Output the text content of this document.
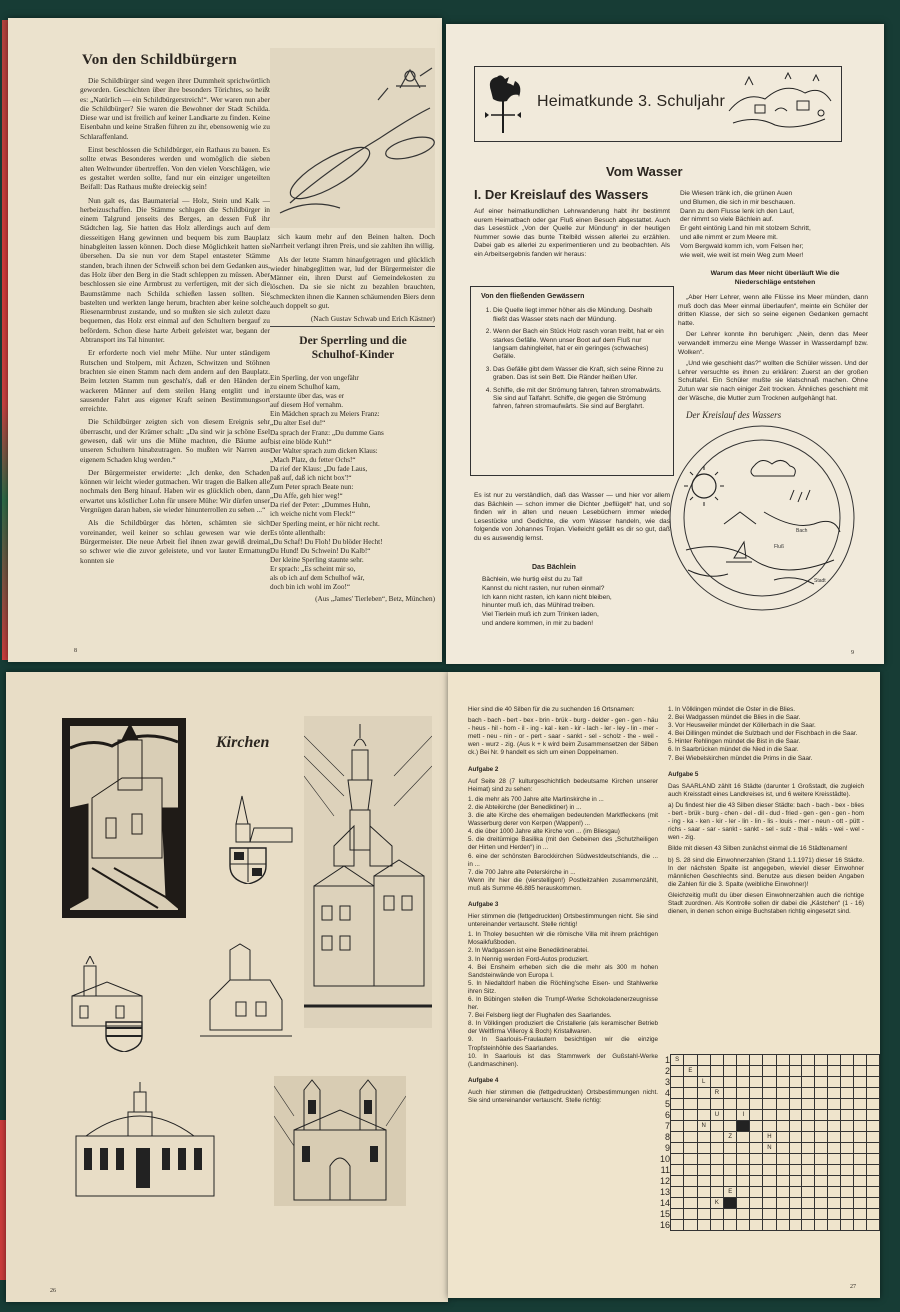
Von den Schildbürgern

Die Schildbürger sind wegen ihrer Dummheit sprichwörtlich geworden. Geschichten über ihre besonders Törichtes, so heißt es: „Natürlich — ein Schildbürgerstreich!“. Wer waren nun aber die Schildbürger? Sie waren die Bewohner der Stadt Schilda. Diese war und ist freilich auf keiner Landkarte zu finden. Keine Eisenbahn und keine Straßen führen zu ihr, ebensowenig wie zu Schlaraffenland.

Einst beschlossen die Schildbürger, ein Rathaus zu bauen. Es sollte etwas Besonderes werden und womöglich die sieben alten Weltwunder übertreffen. Von den vielen Vorschlägen, wie es gestaltet werden sollte, fand nur ein einziger ungeteilten Beifall: Das Rathaus mußte dreieckig sein!

Nun galt es, das Baumaterial — Holz, Stein und Kalk — herbeizuschaffen. Die Stämme schlugen die Schildbürger in einem Talgrund jenseits des Berges, an dessen Fuß ihr Städtchen lag. Sie hatten das Holz allerdings auch auf dem diesseitigen Hang gewinnen und bequem bis zum Bauplatz hinabgleiten lassen können. Doch diese Möglichkeit hatten sie übersehen. Da sie nun vor dem Stapel entasteter Stämme standen, brach ihnen der Schweiß schon bei dem Gedanken aus, das Holz über den Berg in die Stadt schleppen zu müssen. Aber beschlossen sie eine Armbrust zu verfertigen, mit der sich die Baumstämme nach Schilda schießen lassen sollten. Sie bastelten und werkten lange herum, brachten aber keine solche Riesenarmbrust zustande, und so mußten sie sich zuletzt dazu bequemen, das Holz erst einmal auf den Schultern bergauf zu befördern. Schon diese harte Arbeit geleistet war, begann der Abtransport ins Tal hinunter.

Er erforderte noch viel mehr Mühe. Nur unter ständigem Rutschen und Stolpern, mit Ächzen, Schwitzen und Stöhnen brachten sie einen Stamm nach dem andern auf den Bauplatz. Beim letzten Stamm nun geschah's, daß er den Händen der wackeren Männer auf dem steilen Hang entglitt und in sausender Fahrt aus eigener Kraft seinen Bestimmungsort erreichte.

Die Schildbürger zeigten sich von diesem Ereignis sehr überrascht, und der Krämer schalt: „Da sind wir ja schöne Esel gewesen, daß wir uns die Mühe machten, die Bäume auf unseren Schultern hinabzutragen. So mußten wir Narren aus eigenem Schaden klug werden.“

Der Bürgermeister erwiderte: „Ich denke, den Schaden können wir leicht wieder gutmachen. Wir tragen die Balken alle nochmals den Berg hinauf. Haben wir es glücklich oben, dann erwartet uns köstlicher Lohn für unsere Mühe: Wir dürfen unser Vergnügen daran haben, sie wieder hinunterrollen zu sehen ...“

Als die Schildbürger das hörten, schämten sie sich voreinander, weil keiner so schlau gewesen war wie der Bürgermeister. Die neue Arbeit fiel ihnen zwar gewiß dreimal so schwer wie die zuvor geleistete, und vor lauter Ermattung konnten sie

sich kaum mehr auf den Beinen halten. Doch Narrheit verlangt ihren Preis, und sie zahlten ihn willig.

Als der letzte Stamm hinaufgetragen und glücklich wieder hinabgeglitten war, lud der Bürgermeister die Männer ein, ihren Durst auf Gemeindekosten zu löschen. Da sie sie nicht zu bezahlen brauchten, schmeckten ihnen die Kannen schäumenden Biers denn auch doppelt so gut.

(Nach Gustav Schwab und Erich Kästner)
Der Sperrling und die Schulhof-Kinder
Ein Sperling, der von ungefähr
zu einem Schulhof kam,
erstaunte über das, was er
auf diesem Hof vernahm.
Ein Mädchen sprach zu Meiers Franz:
„Du alter Esel du!“
Da sprach der Franz: „Du dumme Gans
bist eine blöde Kuh!“
Der Walter sprach zum dicken Klaus:
„Mach Platz, du fetter Ochs!“
Da rief der Klaus: „Du fade Laus,
paß auf, daß ich nicht box'!“
Zum Peter sprach Beate nun:
„Du Affe, geh hier weg!“
Da rief der Peter: „Dummes Huhn,
ich weiche nicht vom Fleck!“
Der Sperling meint, er hör nicht recht.
Es tönte allenthalb:
„Du Schaf! Du Floh! Du blöder Hecht!
Du Hund! Du Schwein! Du Kalb!“
Der kleine Sperling staunte sehr.
Er sprach: „Es scheint mir so,
als ob ich auf dem Schulhof wär,
doch bin ich wohl im Zoo!“
(Aus „James' Tierleben“, Betz, München)
8
Heimatkunde 3. Schuljahr
Vom Wasser
I. Der Kreislauf des Wassers
Auf einer heimatkundlichen Lehrwanderung habt ihr bestimmt eurem Heimatbach oder gar Fluß einen Besuch abgestattet. Auch das Lesestück „Von der Quelle zur Mündung“ in der heutigen Nummer sowie das bunte Titelbild wissen allerlei zu erzählen. Dabei gab es allerlei zu experimentieren und zu beobachten. Als ein Arbeitsergebnis fanden wir heraus:
Von den fließenden Gewässern
1. Die Quelle liegt immer höher als die Mündung. Deshalb fließt das Wasser stets nach der Mündung.
2. Wenn der Bach ein Stück Holz rasch voran treibt, hat er ein starkes Gefälle. Wenn unser Boot auf dem Fluß nur langsam dahingleitet, hat er ein geringes (schwaches) Gefälle.
3. Das Gefälle gibt dem Wasser die Kraft, sich seine Rinne zu graben. Das ist sein Bett. Die Ränder heißen Ufer.
4. Schiffe, die mit der Strömung fahren, fahren stromabwärts. Sie sind auf Talfahrt. Schiffe, die gegen die Strömung fahren, fahren stromaufwärts. Sie sind auf Bergfahrt.
Es ist nur zu verständlich, daß das Wasser — und hier vor allem das Bächlein — schon immer die Dichter „beflügelt“ hat, und so finden wir in alten und neuen Lesebüchern immer wieder Lesestücke und Gedichte, die vom Wasser handeln, wie das folgende von Johannes Trojan. Vielleicht gefällt es dir so gut, daß du es auswendig lernst.
Das Bächlein
Bächlein, wie hurtig eilst du zu Tal!
Kannst du nicht rasten, nur ruhen einmal?
Ich kann nicht rasten, ich kann nicht bleiben,
hinunter muß ich, das Mühlrad treiben.
Viel Tierlein muß ich zum Trinken laden,
und andere kommen, in mir zu baden!
Die Wiesen tränk ich, die grünen Auen
und Blumen, die sich in mir beschauen.
Dann zu dem Flusse lenk ich den Lauf,
der nimmt so viele Bächlein auf.
Er geht eintönig Land hin mit stolzem Schritt,
und alle nimmt er zum Meere mit.
Vom Bergwald komm ich, vom Felsen her;
wie weit, wie weit ist mein Weg zum Meer!
Warum das Meer nicht überläuft Wie die Niederschläge entstehen

„Aber Herr Lehrer, wenn alle Flüsse ins Meer münden, dann muß doch das Meer einmal überlaufen“, meinte ein Schüler der dritten Klasse, der sich so seine eigenen Gedanken gemacht hatte.

Der Lehrer konnte ihn beruhigen: „Nein, denn das Meer verwandelt immerzu eine Menge Wasser in Wasserdampf bzw. Wolken“.

„Und wie geschieht das?“ wollten die Schüler wissen. Und der Lehrer versuchte es ihnen zu erklären: Zuerst an der großen Schultafel. Ein Schüler mußte sie klatschnaß machen. Ohne Zutun war sie nach einiger Zeit trocken. Ähnliches geschieht mit der Wäsche, die Mutter zum Trocknen aufgehängt hat.

Der Kreislauf des Wassers
Fluß
Bach
Stadt
9
Kirchen
26
Hier sind die 40 Silben für die zu suchenden 16 Ortsnamen:
bach - bach - bert - bex - brin - brük - burg - delder - gen - gen - häu - heus - hil - hom - il - ing - kal - ken - kir - lach - ler - ley - lin - mer - mett - neu - nin - or - pert - saar - sankt - sel - scholz - the - weil - wen - wurz - zig. (Aus k + k wird beim Zusammensetzen der Silben ck.) Bei Nr. 9 handelt es sich um einen Doppelnamen.
Aufgabe 2
Auf Seite 28 (7 kulturgeschichtlich bedeutsame Kirchen unserer Heimat) sind zu sehen:
1. die mehr als 700 Jahre alte Martinskirche in ...
2. die Abteikirche (der Benediktiner) in ...
3. die alte Kirche des ehemaligen bedeutenden Marktfleckens (mit Wasserburg derer von Kerpen (Wappen!) ...
4. die über 1000 Jahre alte Kirche von ... (im Bliesgau)
5. die dreitürmige Basilika (mit den Gebeinen des „Schutzheiligen der Hirten und Herden“) in ...
6. eine der schönsten Barockkirchen Südwestdeutschlands, die ... in ...
7. die 700 Jahre alte Peterskirche in ...
Wenn ihr hier die (vierstelligen!) Postleitzahlen zusammenzählt, muß als Summe 46.885 herauskommen.
Aufgabe 3
Hier stimmen die (fettgedruckten) Ortsbestimmungen nicht. Sie sind untereinander vertauscht. Stelle richtig!
1. In Tholey besuchten wir die römische Villa mit ihrem prächtigen Mosaikfußboden.
2. In Wadgassen ist eine Benediktinerabtei.
3. In Nennig werden Ford-Autos produziert.
4. Bei Ensheim erheben sich die die mehr als 300 m hohen Sandsteinwände von Europa I.
5. In Niedaltdorf haben die Röchling'sche Eisen- und Stahlwerke ihren Sitz.
6. In Bübingen stellen die Trumpf-Werke Schokoladenerzeugnisse her.
7. Bei Felsberg liegt der Flughafen des Saarlandes.
8. In Völklingen produziert die Cristallerie (als keramischer Betrieb der Weltfirma Villeroy & Boch) Kristallwaren.
9. In Saarlouis-Fraulautern besichtigen wir die einzige Tropfsteinhöhle des Saarlandes.
10. In Saarlouis ist das Stammwerk der Gußstahl-Werke (Landmaschinen).
Aufgabe 4
Auch hier stimmen die (fettgedruckten) Ortsbestimmungen nicht. Sie sind untereinander vertauscht. Stelle richtig:
1. In Völklingen mündet die Oster in die Blies.
2. Bei Wadgassen mündet die Blies in die Saar.
3. Vor Heusweiler mündet der Köllerbach in die Saar.
4. Bei Dillingen mündet die Sulzbach und der Fischbach in die Saar.
5. Hinter Rehlingen mündet die Bist in die Saar.
6. In Saarbrücken mündet die Nied in die Saar.
7. Bei Wiebelskirchen mündet die Prims in die Saar.
Aufgabe 5
Das SAARLAND zählt 16 Städte (darunter 1 Großstadt, die zugleich auch Kreisstadt eines Landkreises ist, und 6 weitere Kreisstädte).
a) Du findest hier die 43 Silben dieser Städte: bach - bach - bex - blies - bert - brük - burg - chen - del - dil - dud - fried - gen - gen - gen - hom - ing - ka - ken - kir - ler - lin - lin - lis - louis - mer - neun - ott - pütt - richs - saar - sar - sankt - sankt - sel - sulz - thal - wäls - wei - wel - wen - zig.
Bilde mit diesen 43 Silben zunächst einmal die 16 Städtenamen!
b) S. 28 sind die Einwohnerzahlen (Stand 1.1.1971) dieser 16 Städte. In der nächsten Spalte ist angegeben, wieviel dieser Einwohner männlichen Geschlechts sind. Benutze aus diesen beiden Angaben die Zahlen für die 3. Spalte (weibliche Einwohner)!
Gleichzeitig mußt du über diesen Einwohnerzahlen auch die richtige Stadt zuordnen. Als Kontrolle sollen dir dabei die „Kästchen“ (1 - 16) dienen, in denen schon einige Buchstaben richtig eingesetzt sind.
1	S															
2		E														
3			L													
4				R												
5																
6				U		I										
7			N													
8					Z			H								
9								N								
10																
11																
12																
13					E											
14				K												
15																
16																
27
